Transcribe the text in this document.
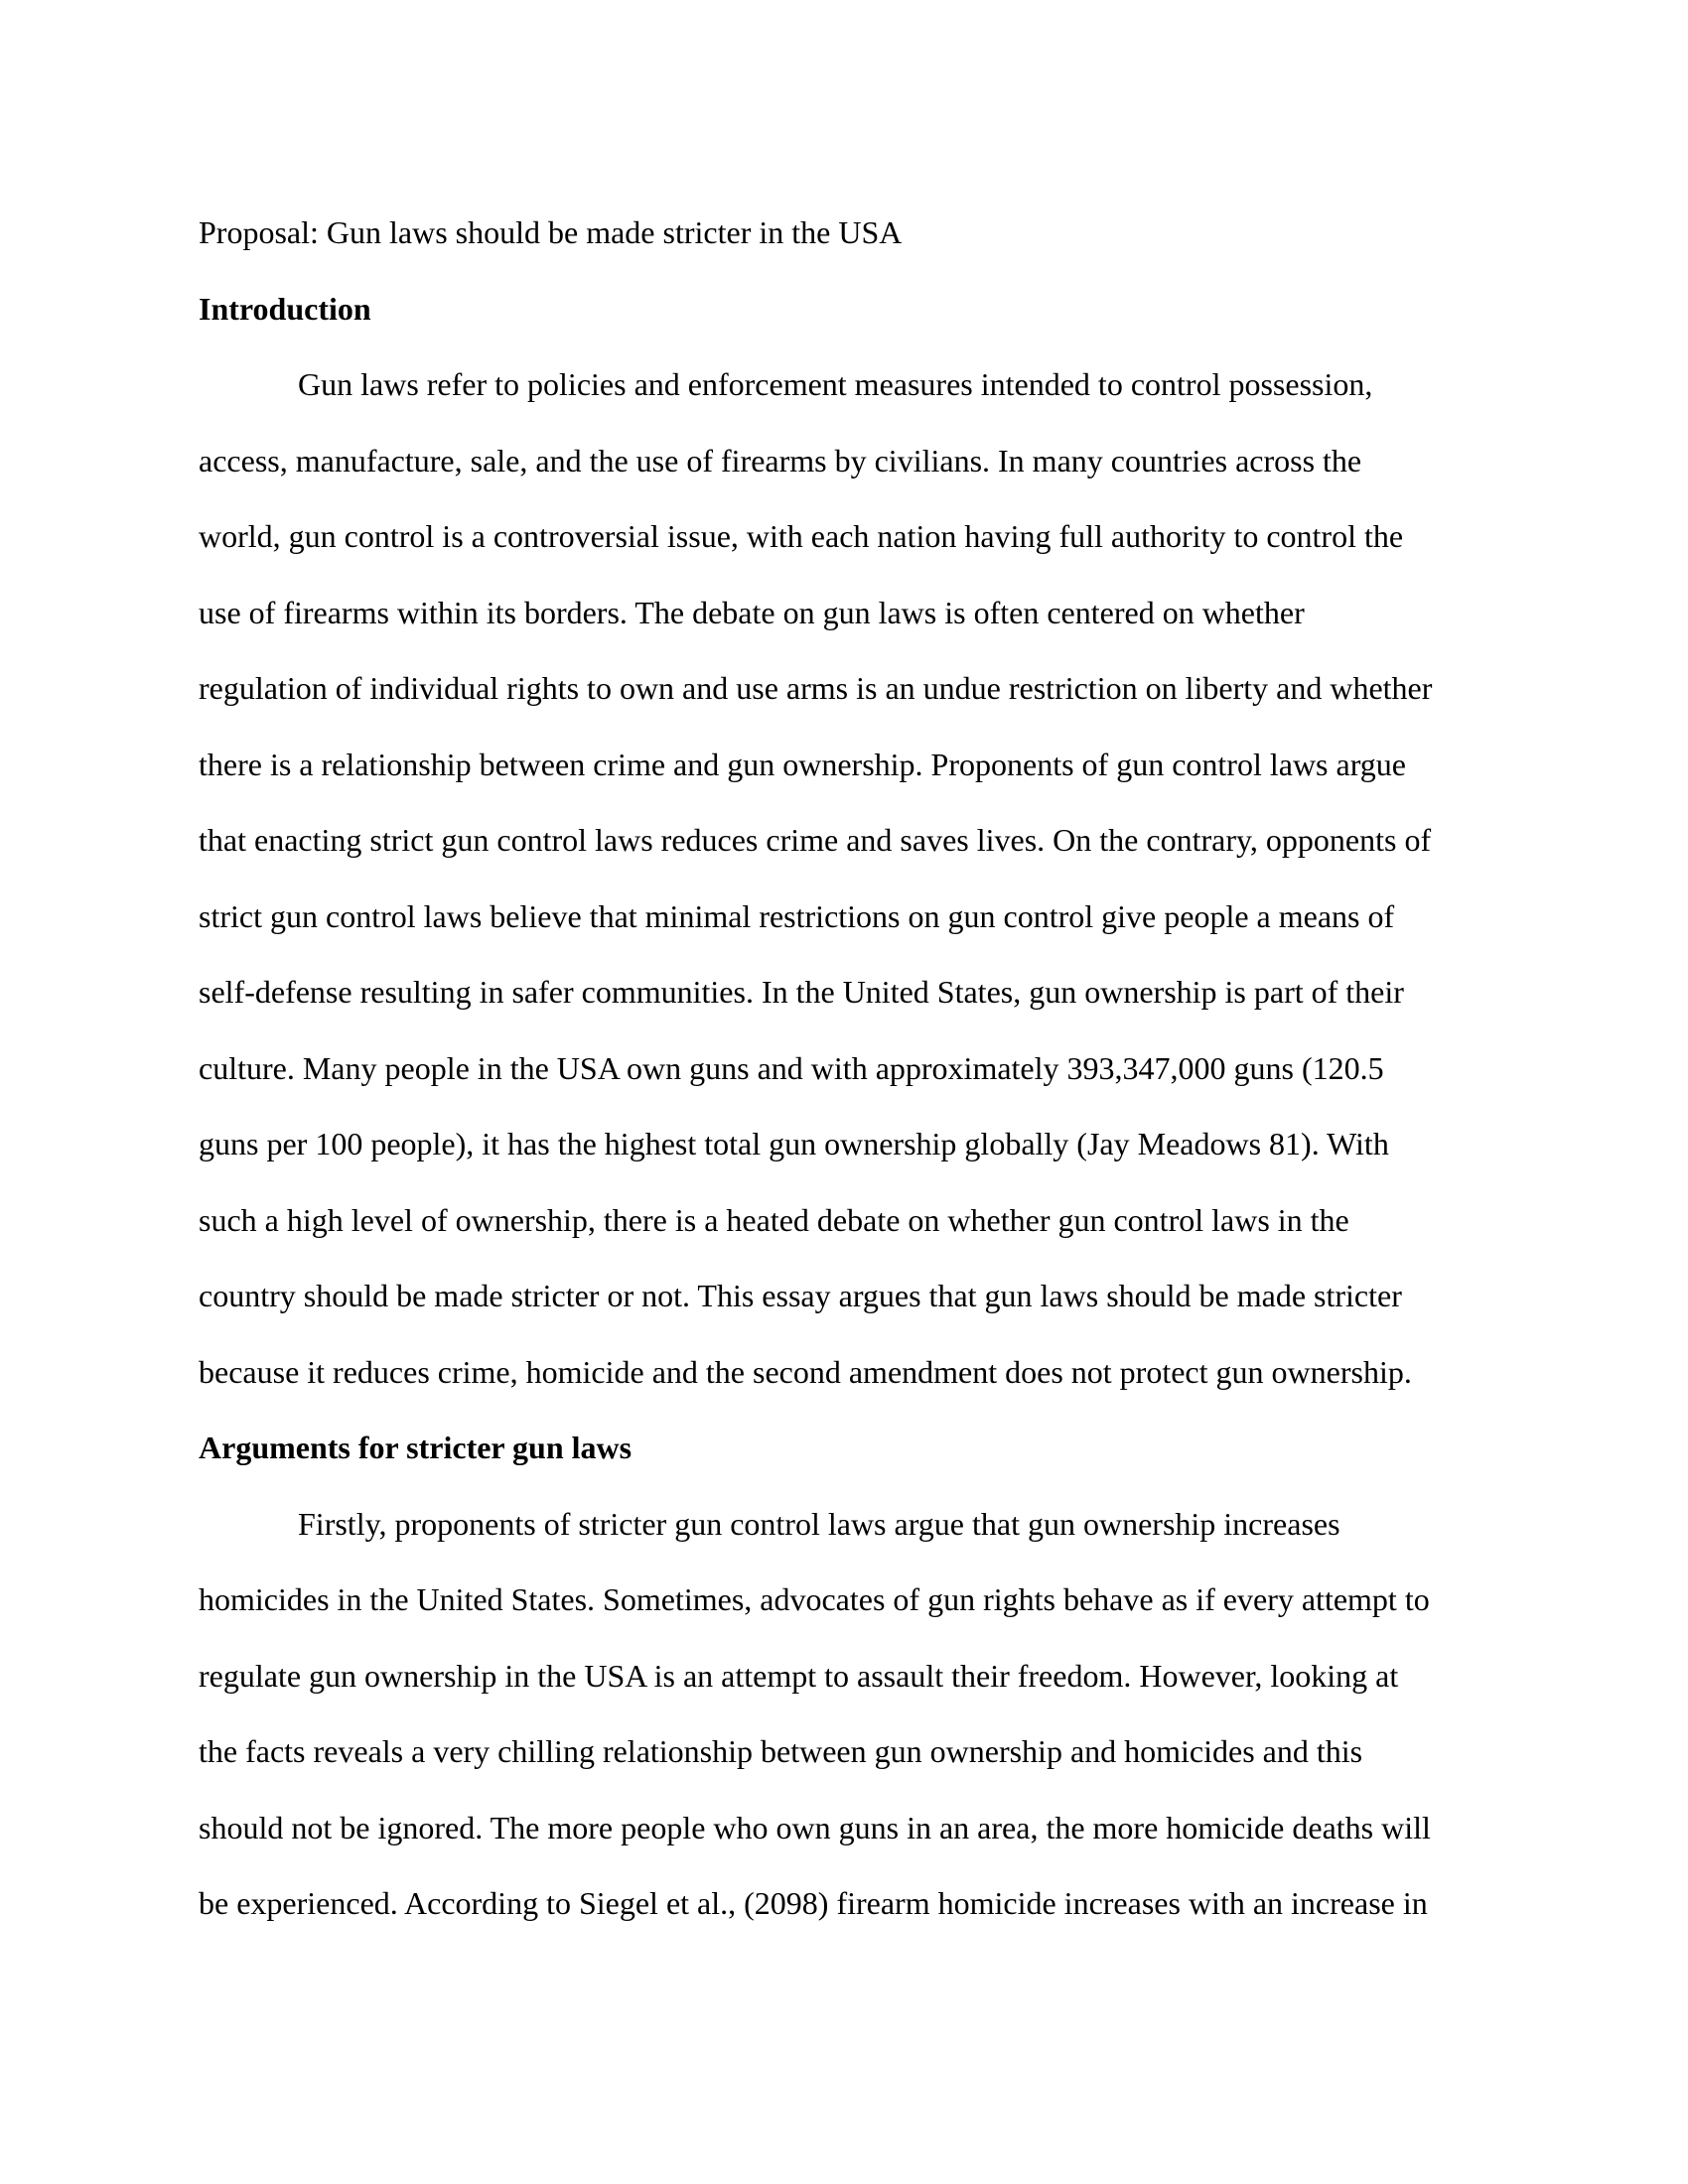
Proposal: Gun laws should be made stricter in the USA

Introduction

Gun laws refer to policies and enforcement measures intended to control possession,
access, manufacture, sale, and the use of firearms by civilians. In many countries across the
world, gun control is a controversial issue, with each nation having full authority to control the
use of firearms within its borders. The debate on gun laws is often centered on whether
regulation of individual rights to own and use arms is an undue restriction on liberty and whether
there is a relationship between crime and gun ownership. Proponents of gun control laws argue
that enacting strict gun control laws reduces crime and saves lives. On the contrary, opponents of
strict gun control laws believe that minimal restrictions on gun control give people a means of
self-defense resulting in safer communities. In the United States, gun ownership is part of their
culture. Many people in the USA own guns and with approximately 393,347,000 guns (120.5
guns per 100 people), it has the highest total gun ownership globally (Jay Meadows 81). With
such a high level of ownership, there is a heated debate on whether gun control laws in the
country should be made stricter or not. This essay argues that gun laws should be made stricter
because it reduces crime, homicide and the second amendment does not protect gun ownership.

Arguments for stricter gun laws

Firstly, proponents of stricter gun control laws argue that gun ownership increases
homicides in the United States. Sometimes, advocates of gun rights behave as if every attempt to
regulate gun ownership in the USA is an attempt to assault their freedom. However, looking at
the facts reveals a very chilling relationship between gun ownership and homicides and this
should not be ignored. The more people who own guns in an area, the more homicide deaths will
be experienced. According to Siegel et al., (2098) firearm homicide increases with an increase in
